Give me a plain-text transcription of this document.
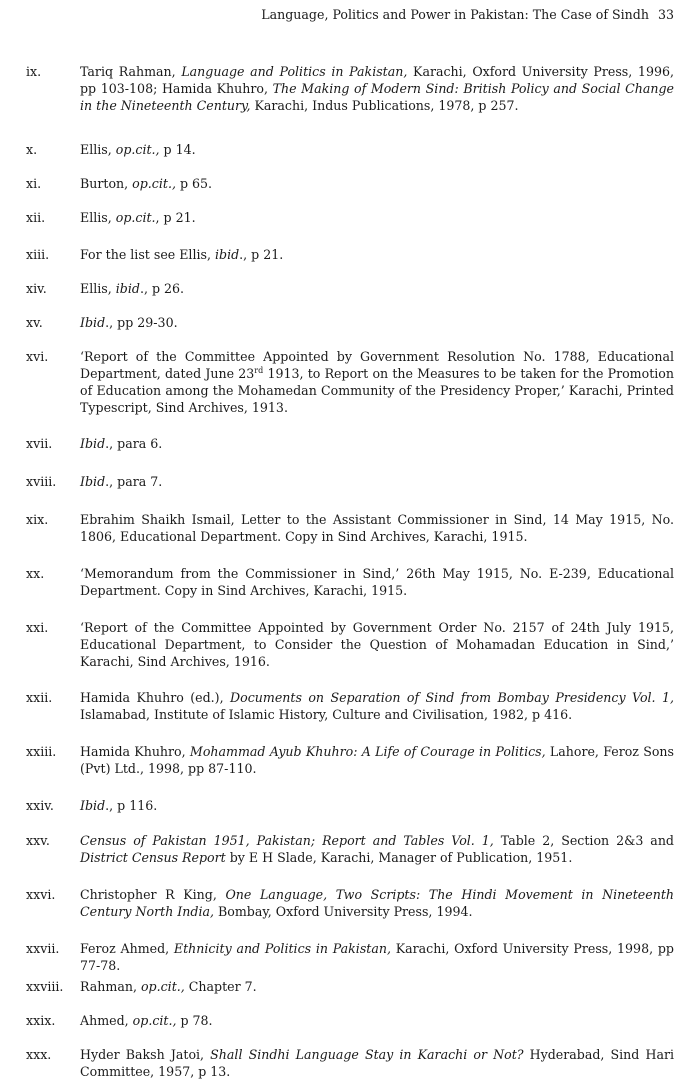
Language, Politics and Power in Pakistan: The Case of Sindh 33
ix.	Tariq Rahman, Language and Politics in Pakistan, Karachi, Oxford University Press, 1996, pp 103-108; Hamida Khuhro, The Making of Modern Sind: British Policy and Social Change in the Nineteenth Century, Karachi, Indus Publications, 1978, p 257.
x.	Ellis, op.cit., p 14.
xi.	Burton, op.cit., p 65.
xii.	Ellis, op.cit., p 21.
xiii. For the list see Ellis, ibid., p 21.
xiv.	Ellis, ibid., p 26.
xv.	Ibid., pp 29-30.
xvi.	‘Report of the Committee Appointed by Government Resolution No. 1788, Educational Department, dated June 23rd 1913, to Report on the Measures to be taken for the Promotion of Education among the Mohamedan Community of the Presidency Proper,’ Karachi, Printed Typescript, Sind Archives, 1913.
xvii. Ibid., para 6.
xviii. Ibid., para 7.
xix.	Ebrahim Shaikh Ismail, Letter to the Assistant Commissioner in Sind, 14 May 1915, No. 1806, Educational Department. Copy in Sind Archives, Karachi, 1915.
xx.	‘Memorandum from the Commissioner in Sind,’ 26th May 1915, No. E-239, Educational Department. Copy in Sind Archives, Karachi, 1915.
xxi.	‘Report of the Committee Appointed by Government Order No. 2157 of 24th July 1915, Educational Department, to Consider the Question of Mohamadan Education in Sind,’ Karachi, Sind Archives, 1916.
xxii. Hamida Khuhro (ed.), Documents on Separation of Sind from Bombay Presidency Vol. 1, Islamabad, Institute of Islamic History, Culture and Civilisation, 1982, p 416.
xxiii. Hamida Khuhro, Mohammad Ayub Khuhro: A Life of Courage in Politics, Lahore, Feroz Sons (Pvt) Ltd., 1998, pp 87-110.
xxiv. Ibid., p 116.
xxv. Census of Pakistan 1951, Pakistan; Report and Tables Vol. 1, Table 2, Section 2&3 and District Census Report by E H Slade, Karachi, Manager of Publication, 1951.
xxvi. Christopher R King, One Language, Two Scripts: The Hindi Movement in Nineteenth Century North India, Bombay, Oxford University Press, 1994.
xxvii. Feroz Ahmed, Ethnicity and Politics in Pakistan, Karachi, Oxford University Press, 1998, pp 77-78.
xxviii. Rahman, op.cit., Chapter 7.
xxix. Ahmed, op.cit., p 78.
xxx. Hyder Baksh Jatoi, Shall Sindhi Language Stay in Karachi or Not? Hyderabad, Sind Hari Committee, 1957, p 13.
